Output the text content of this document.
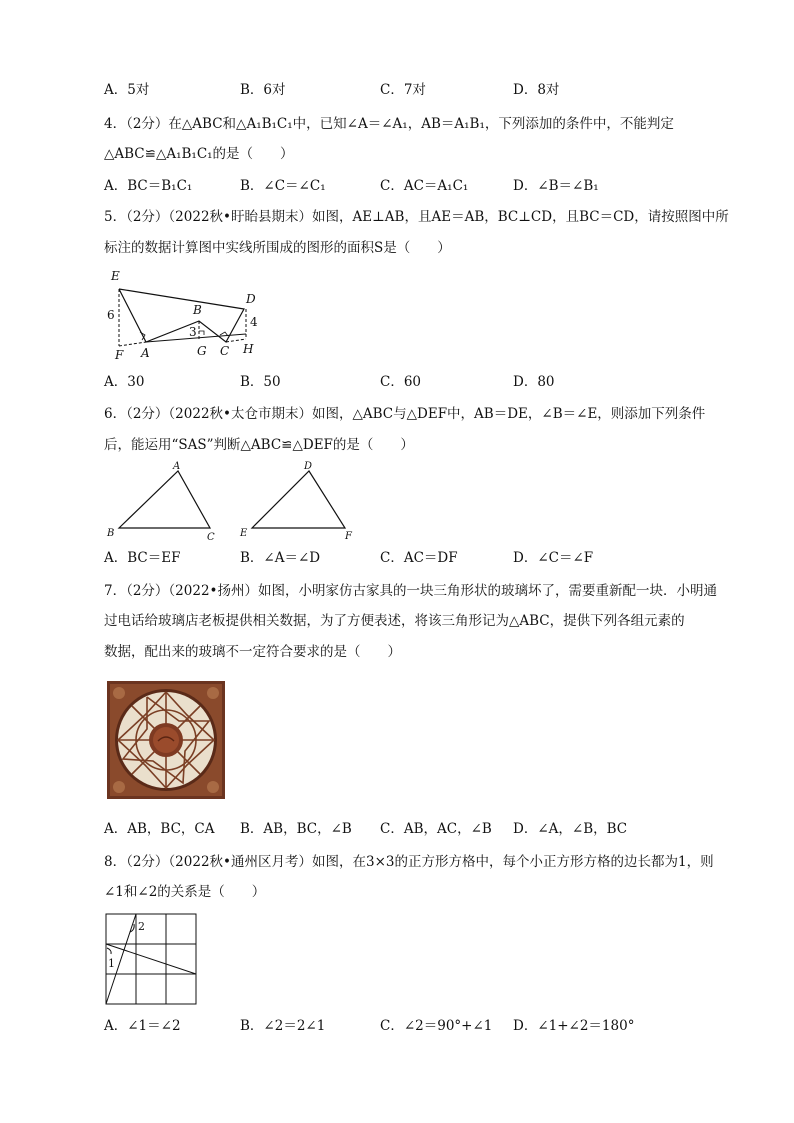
A．5对	B．6对	C．7对	D．8对
4．（2分）在△ABC和△A₁B₁C₁中，已知∠A＝∠A₁，AB＝A₁B₁，下列添加的条件中，不能判定
△ABC≌△A₁B₁C₁的是（　　）
A．BC＝B₁C₁	B．∠C＝∠C₁	C．AC＝A₁C₁	D．∠B＝∠B₁
5．（2分）（2022秋•盱眙县期末）如图，AE⊥AB，且AE＝AB，BC⊥CD，且BC＝CD，请按照图中所
标注的数据计算图中实线所围成的图形的面积S是（　　）
E
D
B
6
3
4
F A	G C H
A．30	B．50	C．60	D．80
6．（2分）（2022秋•太仓市期末）如图，△ABC与△DEF中，AB＝DE，∠B＝∠E，则添加下列条件
后，能运用“SAS”判断△ABC≌△DEF的是（　　）
A
B	C
D
E	F
A．BC＝EF	B．∠A＝∠D	C．AC＝DF	D．∠C＝∠F
7．（2分）（2022•扬州）如图，小明家仿古家具的一块三角形状的玻璃坏了，需要重新配一块．小明通
过电话给玻璃店老板提供相关数据，为了方便表述，将该三角形记为△ABC，提供下列各组元素的
数据，配出来的玻璃不一定符合要求的是（　　）
A．AB，BC，CA B．AB，BC，∠B C．AB，AC，∠B D．∠A，∠B，BC
8．（2分）（2022秋•通州区月考）如图，在3×3的正方形方格中，每个小正方形方格的边长都为1，则
∠1和∠2的关系是（　　）
2
1
A．∠1＝∠2	B．∠2＝2∠1	C．∠2＝90°+∠1 D．∠1+∠2＝180°
